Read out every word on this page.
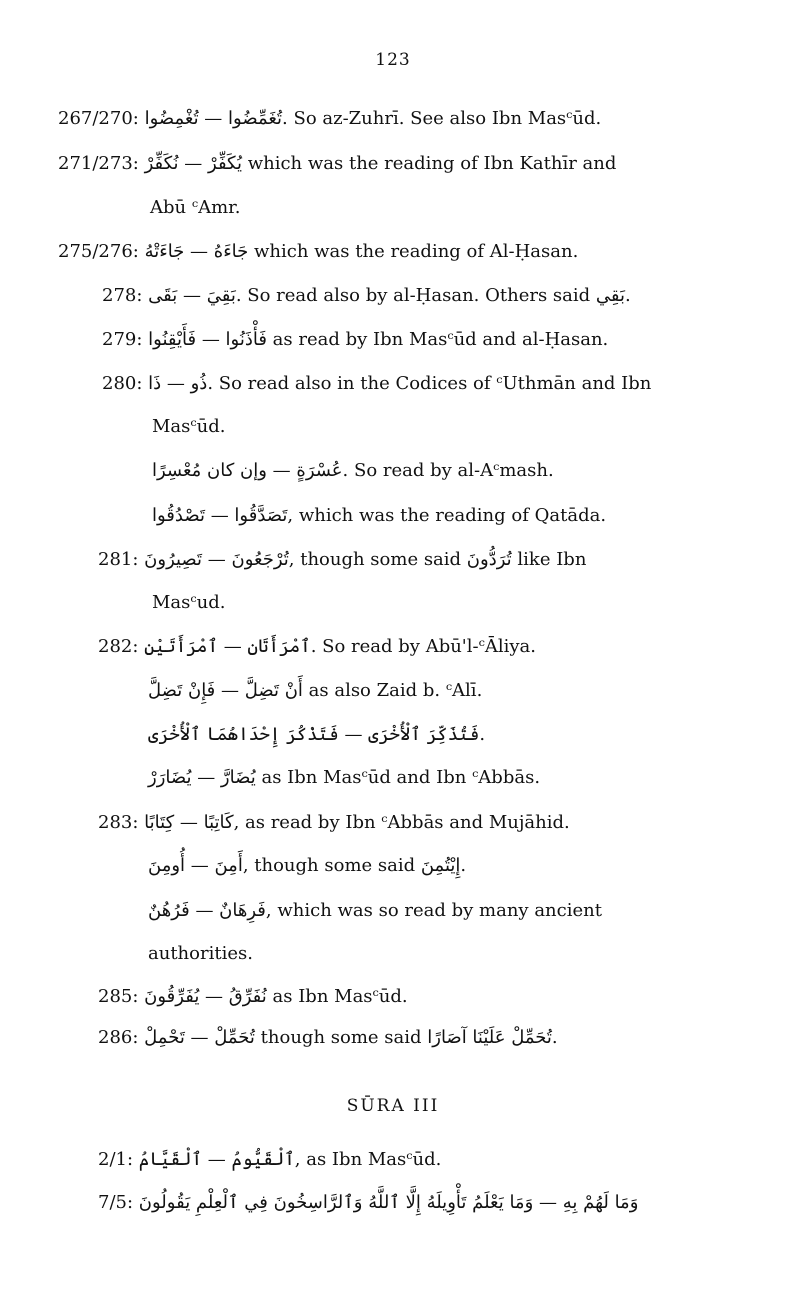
123
267/270: تُغَمِّضُوا — تُغْمِضُوا. So az-Zuhrī. See also Ibn Masᶜūd.
271/273: يُكَفِّرْ — نُكَفِّرْ which was the reading of Ibn Kathīr and
Abū ᶜAmr.
275/276: جَاءَهُ — جَاءَتْهُ which was the reading of Al-Ḥasan.
278: بَقِيَ — بَقَى. So read also by al-Ḥasan. Others said بَقِي.
279: فَأْذَنُوا — فَأَيْقِنُوا as read by Ibn Masᶜūd and al-Ḥasan.
280: ذُو — ذَا. So read also in the Codices of ᶜUthmān and Ibn
Masᶜūd.
عُسْرَةٍ — وإن كان مُعْسِرًا. So read by al-Aᶜmash.
تَصَدَّقُوا — تَصْدُقُوا, which was the reading of Qatāda.
281: تُرْجَعُونَ — تَصِيرُونَ, though some said تُرَدُّونَ like Ibn
Masᶜud.
282: ٱمْرَأَتَانِ — ٱمْرَأَتَيْنِ. So read by Abū'l-ᶜĀliya.
أَنْ تَضِلَّ — فَإِنْ تَضِلَّ as also Zaid b. ᶜAlī.
فَتُذَكِّرَ ٱلْأُخْرَى — فَتَذْكُرَ إِحْدَاهُمَا ٱلْأُخْرَى.
يُضَارَّ — يُضَارَرْ as Ibn Masᶜūd and Ibn ᶜAbbās.
283: كَاتِبًا — كِتَابًا, as read by Ibn ᶜAbbās and Mujāhid.
أَمِنَ — أُومِنَ, though some said إِيْتُمِنَ.
فَرِهَانٌ — فَرُهُنٌ, which was so read by many ancient
authorities.
285: نُفَرِّقُ — يُفَرِّقُونَ as Ibn Masᶜūd.
286: تُحَمِّلْ — تَحْمِلْ though some said تُحَمِّلْ عَلَيْنَا آصَارًا.
SŪRA III
2/1: ٱلْقَيُّومُ — ٱلْقَيَّامُ, as Ibn Masᶜūd.
7/5: وَمَا لَهُمْ بِهِ — وَمَا يَعْلَمُ تَأْوِيلَهُ إِلَّا ٱللَّهُ وَٱلرَّاسِخُونَ فِي ٱلْعِلْمِ يَقُولُونَ
